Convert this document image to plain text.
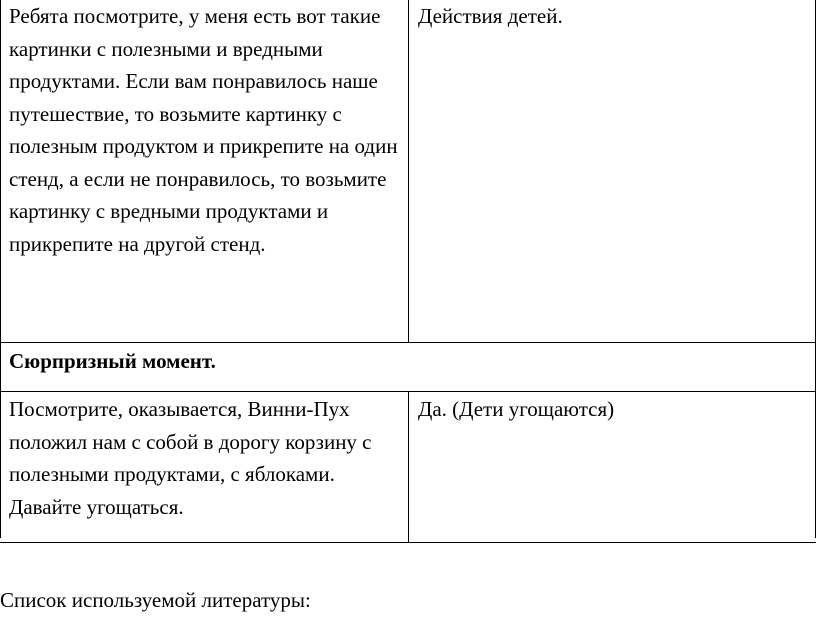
Ребята посмотрите, у меня есть вот такие картинки с полезными и вредными продуктами. Если вам понравилось наше путешествие, то возьмите картинку с полезным продуктом и прикрепите на один стенд, а если не понравилось, то возьмите картинку с вредными продуктами и прикрепите на другой стенд.	Действия детей.

Сюрпризный момент.	

Посмотрите, оказывается, Винни-Пух положил нам с собой в дорогу корзину с полезными продуктами, с яблоками. Давайте угощаться.	Да. (Дети угощаются)
Список используемой литературы:
